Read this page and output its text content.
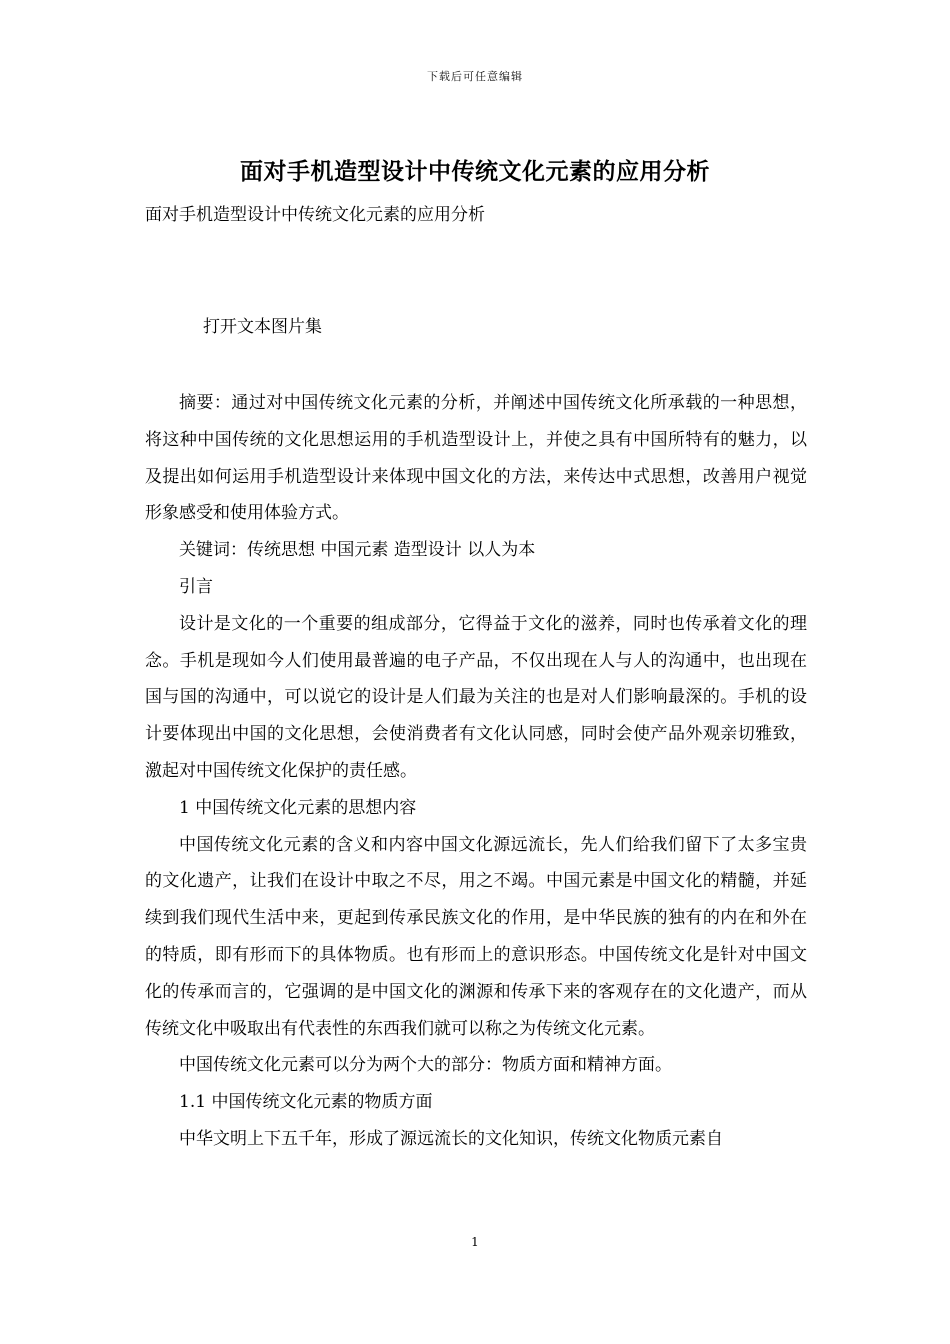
下载后可任意编辑
面对手机造型设计中传统文化元素的应用分析
面对手机造型设计中传统文化元素的应用分析
打开文本图片集

摘要：通过对中国传统文化元素的分析，并阐述中国传统文化所承载的一种思想，将这种中国传统的文化思想运用的手机造型设计上，并使之具有中国所特有的魅力，以及提出如何运用手机造型设计来体现中国文化的方法，来传达中式思想，改善用户视觉形象感受和使用体验方式。

关键词：传统思想 中国元素 造型设计 以人为本

引言

设计是文化的一个重要的组成部分，它得益于文化的滋养，同时也传承着文化的理念。手机是现如今人们使用最普遍的电子产品，不仅出现在人与人的沟通中，也出现在国与国的沟通中，可以说它的设计是人们最为关注的也是对人们影响最深的。手机的设计要体现出中国的文化思想，会使消费者有文化认同感，同时会使产品外观亲切雅致，激起对中国传统文化保护的责任感。

1 中国传统文化元素的思想内容

中国传统文化元素的含义和内容中国文化源远流长，先人们给我们留下了太多宝贵的文化遗产，让我们在设计中取之不尽，用之不竭。中国元素是中国文化的精髓，并延续到我们现代生活中来，更起到传承民族文化的作用，是中华民族的独有的内在和外在的特质，即有形而下的具体物质。也有形而上的意识形态。中国传统文化是针对中国文化的传承而言的，它强调的是中国文化的渊源和传承下来的客观存在的文化遗产，而从传统文化中吸取出有代表性的东西我们就可以称之为传统文化元素。

中国传统文化元素可以分为两个大的部分：物质方面和精神方面。

1.1 中国传统文化元素的物质方面

中华文明上下五千年，形成了源远流长的文化知识，传统文化物质元素自

1
